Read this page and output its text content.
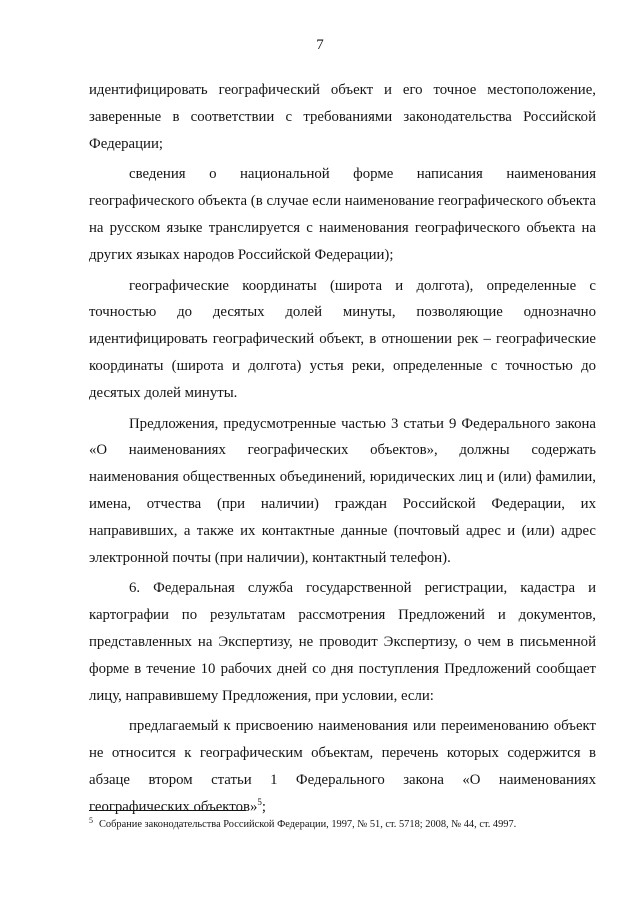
7

идентифицировать географический объект и его точное местоположение, заверенные в соответствии с требованиями законодательства Российской Федерации;

сведения о национальной форме написания наименования географического объекта (в случае если наименование географического объекта на русском языке транслируется с наименования географического объекта на других языках народов Российской Федерации);

географические координаты (широта и долгота), определенные с точностью до десятых долей минуты, позволяющие однозначно идентифицировать географический объект, в отношении рек – географические координаты (широта и долгота) устья реки, определенные с точностью до десятых долей минуты.

Предложения, предусмотренные частью 3 статьи 9 Федерального закона «О наименованиях географических объектов», должны содержать наименования общественных объединений, юридических лиц и (или) фамилии, имена, отчества (при наличии) граждан Российской Федерации, их направивших, а также их контактные данные (почтовый адрес и (или) адрес электронной почты (при наличии), контактный телефон).

6. Федеральная служба государственной регистрации, кадастра и картографии по результатам рассмотрения Предложений и документов, представленных на Экспертизу, не проводит Экспертизу, о чем в письменной форме в течение 10 рабочих дней со дня поступления Предложений сообщает лицу, направившему Предложения, при условии, если:

предлагаемый к присвоению наименования или переименованию объект не относится к географическим объектам, перечень которых содержится в абзаце втором статьи 1 Федерального закона «О наименованиях географических объектов»$^5$;

$^5$ Собрание законодательства Российской Федерации, 1997, № 51, ст. 5718; 2008, № 44, ст. 4997.
